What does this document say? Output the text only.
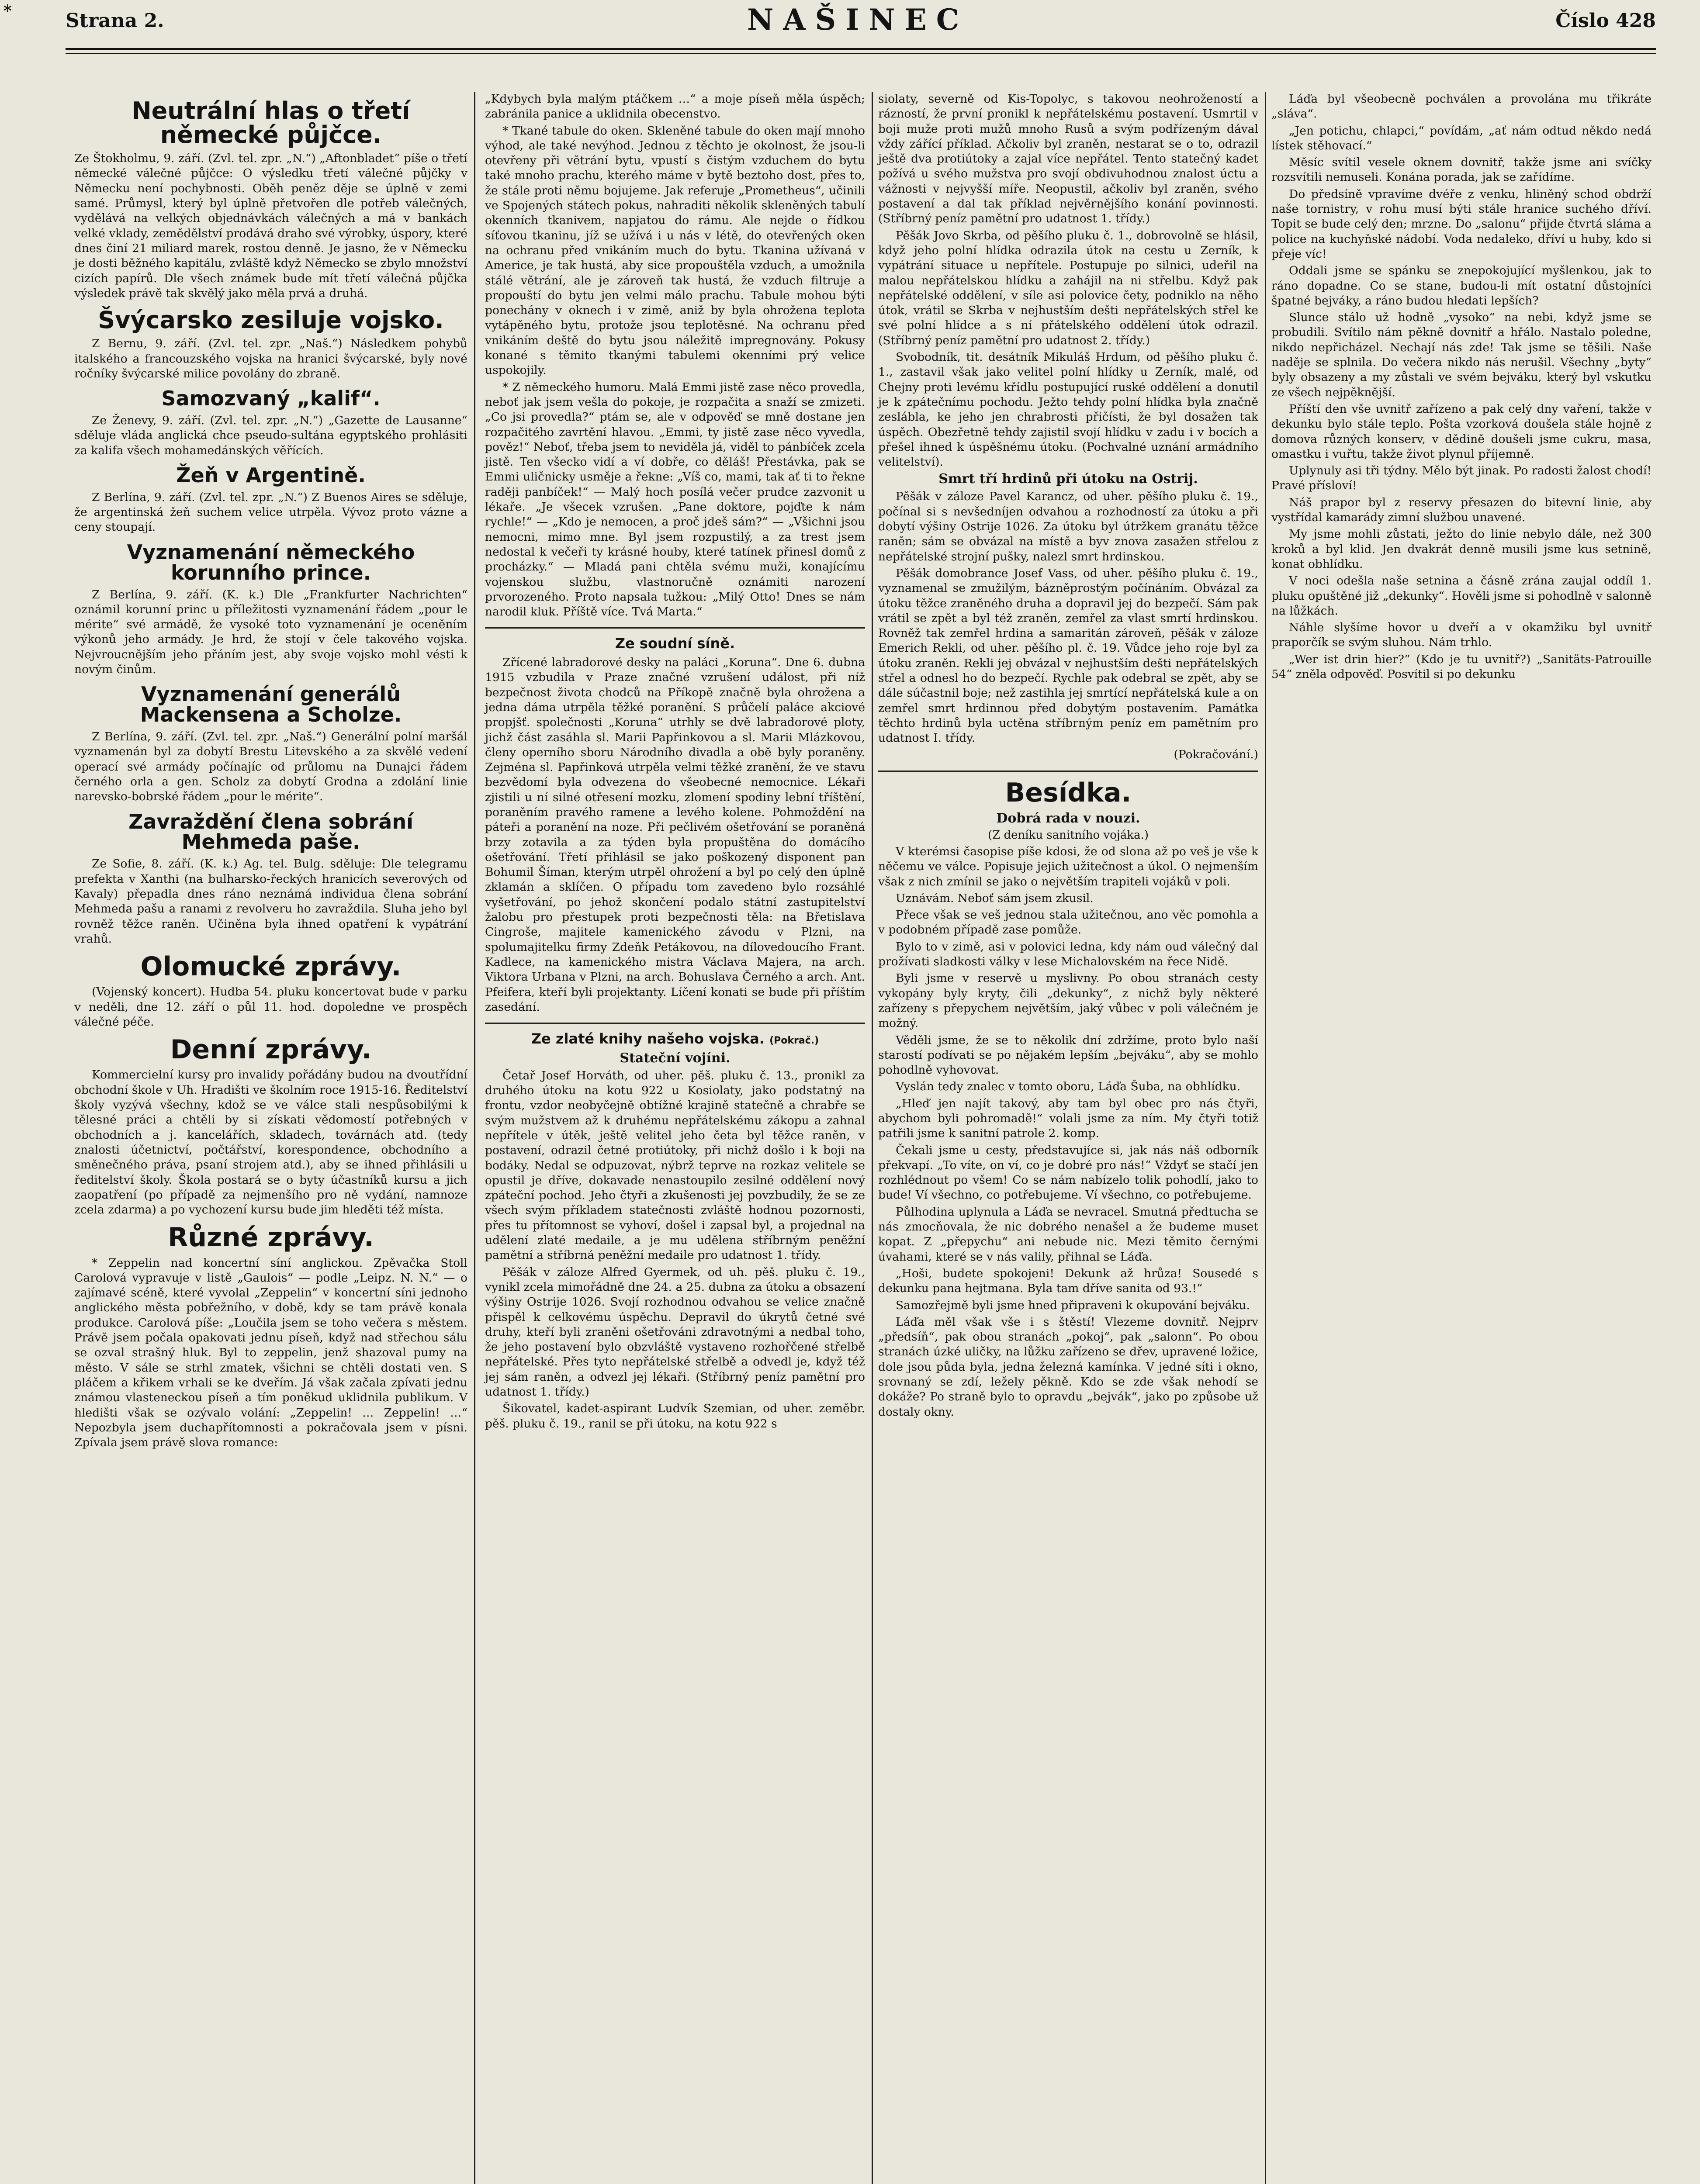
*	Strana 2.	NAŠINEC	Číslo 428
Neutrální hlas o třetí německé půjčce.

Ze Štokholmu, 9. září. (Zvl. tel. zpr. „N.“) „Aftonbladet“ píše o třetí německé válečné půjčce: O výsledku třetí válečné půjčky v Německu není pochybnosti. Oběh peněz děje se úplně v zemi samé. Průmysl, který byl úplně přetvořen dle potřeb válečných, vydělává na velkých objednávkách válečných a má v bankách velké vklady, zemědělství prodává draho své výrobky, úspory, které dnes činí 21 miliard marek, rostou denně. Je jasno, že v Německu je dosti běžného kapitálu, zvláště když Německo se zbylo množství cizích papírů. Dle všech známek bude mít třetí válečná půjčka výsledek právě tak skvělý jako měla prvá a druhá.

Švýcarsko zesiluje vojsko.

Z Bernu, 9. září. (Zvl. tel. zpr. „Naš.“) Následkem pohybů italského a francouzského vojska na hranici švýcarské, byly nové ročníky švýcarské milice povolány do zbraně.

Samozvaný „kalif“.

Ze Ženevy, 9. září. (Zvl. tel. zpr. „N.“) „Gazette de Lausanne“ sděluje vláda anglická chce pseudo-sultána egyptského prohlásiti za kalifa všech mohamedánských věřících.

Žeň v Argentině.

Z Berlína, 9. září. (Zvl. tel. zpr. „N.“) Z Buenos Aires se sděluje, že argentinská žeň suchem velice utrpěla. Vývoz proto vázne a ceny stoupají.

Vyznamenání německého korunního prince.

Z Berlína, 9. září. (K. k.) Dle „Frankfurter Nachrichten“ oznámil korunní princ u příležitosti vyznamenání řádem „pour le mérite“ své armádě, že vysoké toto vyznamenání je oceněním výkonů jeho armády. Je hrd, že stojí v čele takového vojska. Nejvroucnějším jeho přáním jest, aby svoje vojsko mohl vésti k novým činům.

Vyznamenání generálů Mackensena a Scholze.

Z Berlína, 9. září. (Zvl. tel. zpr. „Naš.“) Generální polní maršál vyznamenán byl za dobytí Brestu Litevského a za skvělé vedení operací své armády počínajíc od průlomu na Dunajci řádem černého orla a gen. Scholz za dobytí Grodna a zdolání linie narevsko-bobrské řádem „pour le mérite“.

Zavraždění člena sobrání Mehmeda paše.

Ze Sofie, 8. září. (K. k.) Ag. tel. Bulg. sděluje: Dle telegramu prefekta v Xanthi (na bulharsko-řeckých hranicích severových od Kavaly) přepadla dnes ráno neznámá individua člena sobrání Mehmeda pašu a ranami z revolveru ho zavraždila. Sluha jeho byl rovněž těžce raněn. Učiněna byla ihned opatření k vypátrání vrahů.

Olomucké zprávy.

(Vojenský koncert). Hudba 54. pluku koncertovat bude v parku v neděli, dne 12. září o půl 11. hod. dopoledne ve prospěch válečné péče.

Denní zprávy.

Kommercielní kursy pro invalidy pořádány budou na dvoutřídní obchodní škole v Uh. Hradišti ve školním roce 1915-16. Ředitelství školy vyzývá všechny, kdož se ve válce stali nespůsobilými k tělesné práci a chtěli by si získati vědomostí potřebných v obchodních a j. kancelářích, skladech, továrnách atd. (tedy znalosti účetnictví, počtářství, korespondence, obchodního a směnečného práva, psaní strojem atd.), aby se ihned přihlásili u ředitelství školy. Škola postará se o byty účastníků kursu a jich zaopatření (po případě za nejmenšího pro ně vydání, namnoze zcela zdarma) a po vychození kursu bude jim hleděti též místa.

Různé zprávy.

* Zeppelin nad koncertní síní anglickou. Zpěvačka Stoll Carolová vypravuje v listě „Gaulois“ — podle „Leipz. N. N.“ — o zajímavé scéně, které vyvolal „Zeppelin“ v koncertní síni jednoho anglického města pobřežního, v době, kdy se tam právě konala produkce. Carolová píše: „Loučila jsem se toho večera s městem. Právě jsem počala opakovati jednu píseň, když nad střechou sálu se ozval strašný hluk. Byl to zeppelin, jenž shazoval pumy na město. V sále se strhl zmatek, všichni se chtěli dostati ven. S pláčem a křikem vrhali se ke dveřím. Já však začala zpívati jednu známou vlasteneckou píseň a tím poněkud uklidnila publikum. V hledišti však se ozývalo volání: „Zeppelin! … Zeppelin! …“ Nepozbyla jsem duchapřítomnosti a pokračovala jsem v písni. Zpívala jsem právě slova romance:

„Kdybych byla malým ptáčkem …“ a moje píseň měla úspěch; zabránila panice a uklidnila obecenstvo.

* Tkané tabule do oken. Skleněné tabule do oken mají mnoho výhod, ale také nevýhod. Jednou z těchto je okolnost, že jsou-li otevřeny při větrání bytu, vpustí s čistým vzduchem do bytu také mnoho prachu, kterého máme v bytě beztoho dost, přes to, že stále proti němu bojujeme. Jak referuje „Prometheus“, učinili ve Spojených státech pokus, nahraditi několik skleněných tabulí okenních tkanivem, napjatou do rámu. Ale nejde o řídkou síťovou tkaninu, jíž se užívá i u nás v létě, do otevřených oken na ochranu před vnikáním much do bytu. Tkanina užívaná v Americe, je tak hustá, aby sice propouštěla vzduch, a umožnila stálé větrání, ale je zároveň tak hustá, že vzduch filtruje a propouští do bytu jen velmi málo prachu. Tabule mohou býti ponechány v oknech i v zimě, aniž by byla ohrožena teplota vytápěného bytu, protože jsou teplotěsné. Na ochranu před vnikáním deště do bytu jsou náležitě impregnovány. Pokusy konané s těmito tkanými tabulemi okenními prý velice uspokojily.

* Z německého humoru. Malá Emmi jistě zase něco provedla, neboť jak jsem vešla do pokoje, je rozpačita a snaží se zmizeti. „Co jsi provedla?“ ptám se, ale v odpověď se mně dostane jen rozpačitého zavrtění hlavou. „Emmi, ty jistě zase něco vyvedla, pověz!“ Neboť, třeba jsem to neviděla já, viděl to pánbíček zcela jistě. Ten všecko vidí a ví dobře, co děláš! Přestávka, pak se Emmi uličnicky usměje a řekne: „Víš co, mami, tak ať ti to řekne raději panbíček!“ — Malý hoch posílá večer prudce zazvonit u lékaře. „Je všecek vzrušen. „Pane doktore, pojďte k nám rychle!“ — „Kdo je nemocen, a proč jdeš sám?“ — „Všichni jsou nemocni, mimo mne. Byl jsem rozpustilý, a za trest jsem nedostal k večeři ty krásné houby, které tatínek přinesl domů z procházky.“ — Mladá pani chtěla svému muži, konajícímu vojenskou službu, vlastnoručně oznámiti narození prvorozeného. Proto napsala tužkou: „Milý Otto! Dnes se nám narodil kluk. Příště více. Tvá Marta.“

Ze soudní síně.

Zřícené labradorové desky na paláci „Koruna“. Dne 6. dubna 1915 vzbudila v Praze značné vzrušení událost, při níž bezpečnost života chodců na Příkopě značně byla ohrožena a jedna dáma utrpěla těžké poranění. S průčelí paláce akciové propjšť. společnosti „Koruna“ utrhly se dvě labradorové ploty, jichž část zasáhla sl. Marii Papřinkovou a sl. Marii Mlázkovou, členy operního sboru Národního divadla a obě byly poraněny. Zejména sl. Papřinková utrpěla velmi těžké zranění, že ve stavu bezvědomí byla odvezena do všeobecné nemocnice. Lékaři zjistili u ní silné otřesení mozku, zlomení spodiny lební tříštění, poraněním pravého ramene a levého kolene. Pohmoždění na páteři a poranění na noze. Při pečlivém ošetřování se poraněná brzy zotavila a za týden byla propuštěna do domácího ošetřování. Třetí přihlásil se jako poškozený disponent pan Bohumil Šíman, kterým utrpěl ohrožení a byl po celý den úplně zklamán a sklíčen. O případu tom zavedeno bylo rozsáhlé vyšetřování, po jehož skončení podalo státní zastupitelství žalobu pro přestupek proti bezpečnosti těla: na Břetislava Cingroše, majitele kamenického závodu v Plzni, na spolumajitelku firmy Zdeňk Petákovou, na dílovedoucího Frant. Kadlece, na kamenického mistra Václava Majera, na arch. Viktora Urbana v Plzni, na arch. Bohuslava Černého a arch. Ant. Pfeifera, kteří byli projektanty. Líčení konati se bude při příštím zasedání.

Ze zlaté knihy našeho vojska. (Pokrač.)
Stateční vojíni.

Četař Josef Horváth, od uher. pěš. pluku č. 13., pronikl za druhého útoku na kotu 922 u Kosiolaty, jako podstatný na frontu, vzdor neobyčejně obtížné krajině statečně a chrabře se svým mužstvem až k druhému nepřátelskému zákopu a zahnal nepřítele v útěk, ještě velitel jeho četa byl těžce raněn, v postavení, odrazil četné protiútoky, při nichž došlo i k boji na bodáky. Nedal se odpuzovat, nýbrž teprve na rozkaz velitele se opustil je dříve, dokavade nenastoupilo zesilné oddělení nový zpáteční pochod. Jeho čtyři a zkušenosti jej povzbudily, že se ze všech svým příkladem statečnosti zvláště hodnou pozornosti, přes tu přítomnost se vyhoví, došel i zapsal byl, a projednal na udělení zlaté medaile, a je mu udělena stříbrným peněžní pamětní a stříbrná peněžní medaile pro udatnost 1. třídy.

Pěšák v záloze Alfred Gyermek, od uh. pěš. pluku č. 19., vynikl zcela mimořádně dne 24. a 25. dubna za útoku a obsazení výšiny Ostrije 1026. Svojí rozhodnou odvahou se velice značně přispěl k celkovému úspěchu. Depravil do úkrytů četné své druhy, kteří byli zraněni ošetřováni zdravotnými a nedbal toho, že jeho postavení bylo obzvláště vystaveno rozhořčené střelbě nepřátelské. Přes tyto nepřátelské střelbě a odvedl je, když též jej sám raněn, a odvezl jej lékaři. (Stříbrný peníz pamětní pro udatnost 1. třídy.)

Šikovatel, kadet-aspirant Ludvík Szemian, od uher. zeměbr. pěš. pluku č. 19., ranil se při útoku, na kotu 922 s

siolaty, severně od Kis-Topolyc, s takovou neohrožeností a rázností, že první pronikl k nepřátelskému postavení. Usmrtil v boji muže proti mužů mnoho Rusů a svým podřízeným dával vždy zářící příklad. Ačkoliv byl zraněn, nestarat se o to, odrazil ještě dva protiútoky a zajal více nepřátel. Tento statečný kadet požívá u svého mužstva pro svojí obdivuhodnou znalost úctu a vážnosti v nejvyšší míře. Neopustil, ačkoliv byl zraněn, svého postavení a dal tak příklad nejvěrnějšího konání povinnosti. (Stříbrný peníz pamětní pro udatnost 1. třídy.)

Pěšák Jovo Skrba, od pěšího pluku č. 1., dobrovolně se hlásil, když jeho polní hlídka odrazila útok na cestu u Zerník, k vypátrání situace u nepřítele. Postupuje po silnici, udeřil na malou nepřátelskou hlídku a zahájil na ni střelbu. Když pak nepřátelské oddělení, v síle asi polovice čety, podniklo na něho útok, vrátil se Skrba v nejhustším dešti nepřátelských střel ke své polní hlídce a s ní přátelského oddělení útok odrazil. (Stříbrný peníz pamětní pro udatnost 2. třídy.)

Svobodník, tit. desátník Mikuláš Hrdum, od pěšího pluku č. 1., zastavil však jako velitel polní hlídky u Zerník, malé, od Chejny proti levému křídlu postupující ruské oddělení a donutil je k zpátečnímu pochodu. Ježto tehdy polní hlídka byla značně zeslábla, ke jeho jen chrabrosti přičísti, že byl dosažen tak úspěch. Obezřetně tehdy zajistil svojí hlídku v zadu i v bocích a přešel ihned k úspěšnému útoku. (Pochvalné uznání armádního velitelství).

Smrt tří hrdinů při útoku na Ostrij.

Pěšák v záloze Pavel Karancz, od uher. pěšího pluku č. 19., počínal si s nevšedníjen odvahou a rozhodností za útoku a při dobytí výšiny Ostrije 1026. Za útoku byl útržkem granátu těžce raněn; sám se obvázal na místě a byv znova zasažen střelou z nepřátelské strojní pušky, nalezl smrt hrdinskou.

Pěšák domobrance Josef Vass, od uher. pěšího pluku č. 19., vyznamenal se zmužilým, bázněprostým počínáním. Obvázal za útoku těžce zraněného druha a dopravil jej do bezpečí. Sám pak vrátil se zpět a byl též zraněn, zemřel za vlast smrtí hrdinskou. Rovněž tak zemřel hrdina a samaritán zároveň, pěšák v záloze Emerich Rekli, od uher. pěšího pl. č. 19. Vůdce jeho roje byl za útoku zraněn. Rekli jej obvázal v nejhustším dešti nepřátelských střel a odnesl ho do bezpečí. Rychle pak odebral se zpět, aby se dále súčastnil boje; než zastihla jej smrtící nepřátelská kule a on zemřel smrt hrdinnou před dobytým postavením. Památka těchto hrdinů byla uctěna stříbrným peníz em pamětním pro udatnost I. třídy.

(Pokračování.)

Besídka.
Dobrá rada v nouzi.
(Z deníku sanitního vojáka.)

V kterémsi časopise píše kdosi, že od slona až po veš je vše k něčemu ve válce. Popisuje jejich užitečnost a úkol. O nejmenším však z nich zmínil se jako o největším trapiteli vojáků v poli.

Uznávám. Neboť sám jsem zkusil.

Přece však se veš jednou stala užitečnou, ano věc pomohla a v podobném případě zase pomůže.

Bylo to v zimě, asi v polovici ledna, kdy nám oud válečný dal prožívati sladkosti války v lese Michalovském na řece Nidě.

Byli jsme v reservě u myslivny. Po obou stranách cesty vykopány byly kryty, čili „dekunky“, z nichž byly některé zařízeny s přepychem největším, jaký vůbec v poli válečném je možný.

Věděli jsme, že se to několik dní zdržíme, proto bylo naší starostí podívati se po nějakém lepším „bejváku“, aby se mohlo pohodlně vyhovovat.

Vyslán tedy znalec v tomto oboru, Láďa Šuba, na obhlídku.

„Hleď jen najít takový, aby tam byl obec pro nás čtyři, abychom byli pohromadě!“ volali jsme za ním. My čtyři totiž patřili jsme k sanitní patrole 2. komp.

Čekali jsme u cesty, představujíce si, jak nás náš odborník překvapí. „To víte, on ví, co je dobré pro nás!“ Vždyť se stačí jen rozhlédnout po všem! Co se nám nabízelo tolik pohodlí, jako to bude! Ví všechno, co potřebujeme. Ví všechno, co potřebujeme.

Půlhodina uplynula a Láďa se nevracel. Smutná předtucha se nás zmocňovala, že nic dobrého nenašel a že budeme muset kopat. Z „přepychu“ ani nebude nic. Mezi těmito černými úvahami, které se v nás valily, přihnal se Láďa.

„Hoši, budete spokojeni! Dekunk až hrůza! Sousedé s dekunku pana hejtmana. Byla tam dříve sanita od 93.!“

Samozřejmě byli jsme hned připraveni k okupování bejváku.

Láďa měl však vše i s štěstí! Vlezeme dovnitř. Nejprv „předsíň“, pak obou stranách „pokoj“, pak „salonn“. Po obou stranách úzké uličky, na lůžku zařízeno se dřev, upravené ložice, dole jsou půda byla, jedna železná kamínka. V jedné síti i okno, srovnaný se zdí, ležely pěkně. Kdo se zde však nehodí se dokáže? Po straně bylo to opravdu „bejvák“, jako po způsobe už dostaly okny.

Láďa byl všeobecně pochválen a provolána mu třikráte „sláva“.

„Jen potichu, chlapci,“ povídám, „ať nám odtud někdo nedá lístek stěhovací.“

Měsíc svítil vesele oknem dovnitř, takže jsme ani svíčky rozsvítili nemuseli. Konána porada, jak se zařídíme.

Do předsíně vpravíme dvéře z venku, hliněný schod obdrží naše tornistry, v rohu musí býti stále hranice suchého dříví. Topit se bude celý den; mrzne. Do „salonu“ přijde čtvrtá sláma a police na kuchyňské nádobí. Voda nedaleko, dříví u huby, kdo si přeje víc!

Oddali jsme se spánku se znepokojující myšlenkou, jak to ráno dopadne. Co se stane, budou-li mít ostatní důstojníci špatné bejváky, a ráno budou hledati lepších?

Slunce stálo už hodně „vysoko“ na nebi, když jsme se probudili. Svítilo nám pěkně dovnitř a hřálo. Nastalo poledne, nikdo nepřicházel. Nechají nás zde! Tak jsme se těšili. Naše naděje se splnila. Do večera nikdo nás nerušil. Všechny „byty“ byly obsazeny a my zůstali ve svém bejváku, který byl vskutku ze všech nejpěknější.

Příští den vše uvnitř zařízeno a pak celý dny vaření, takže v dekunku bylo stále teplo. Pošta vzorková doušela stále hojně z domova různých konserv, v dědině doušeli jsme cukru, masa, omastku i vuřtu, takže život plynul příjemně.

Uplynuly asi tři týdny. Mělo být jinak. Po radosti žalost chodí! Pravé přísloví!

Náš prapor byl z reservy přesazen do bitevní linie, aby vystřídal kamarády zimní službou unavené.

My jsme mohli zůstati, ježto do linie nebylo dále, než 300 kroků a byl klid. Jen dvakrát denně musili jsme kus setnině, konat obhlídku.

V noci odešla naše setnina a čásně zrána zaujal oddíl 1. pluku opuštěné již „dekunky“. Hověli jsme si pohodlně v salonně na lůžkách.

Náhle slyšíme hovor u dveří a v okamžiku byl uvnitř praporčík se svým sluhou. Nám trhlo.

„Wer ist drin hier?“ (Kdo je tu uvnitř?) „Sanitäts-Patrouille 54“ zněla odpověď. Posvítil si po dekunku
